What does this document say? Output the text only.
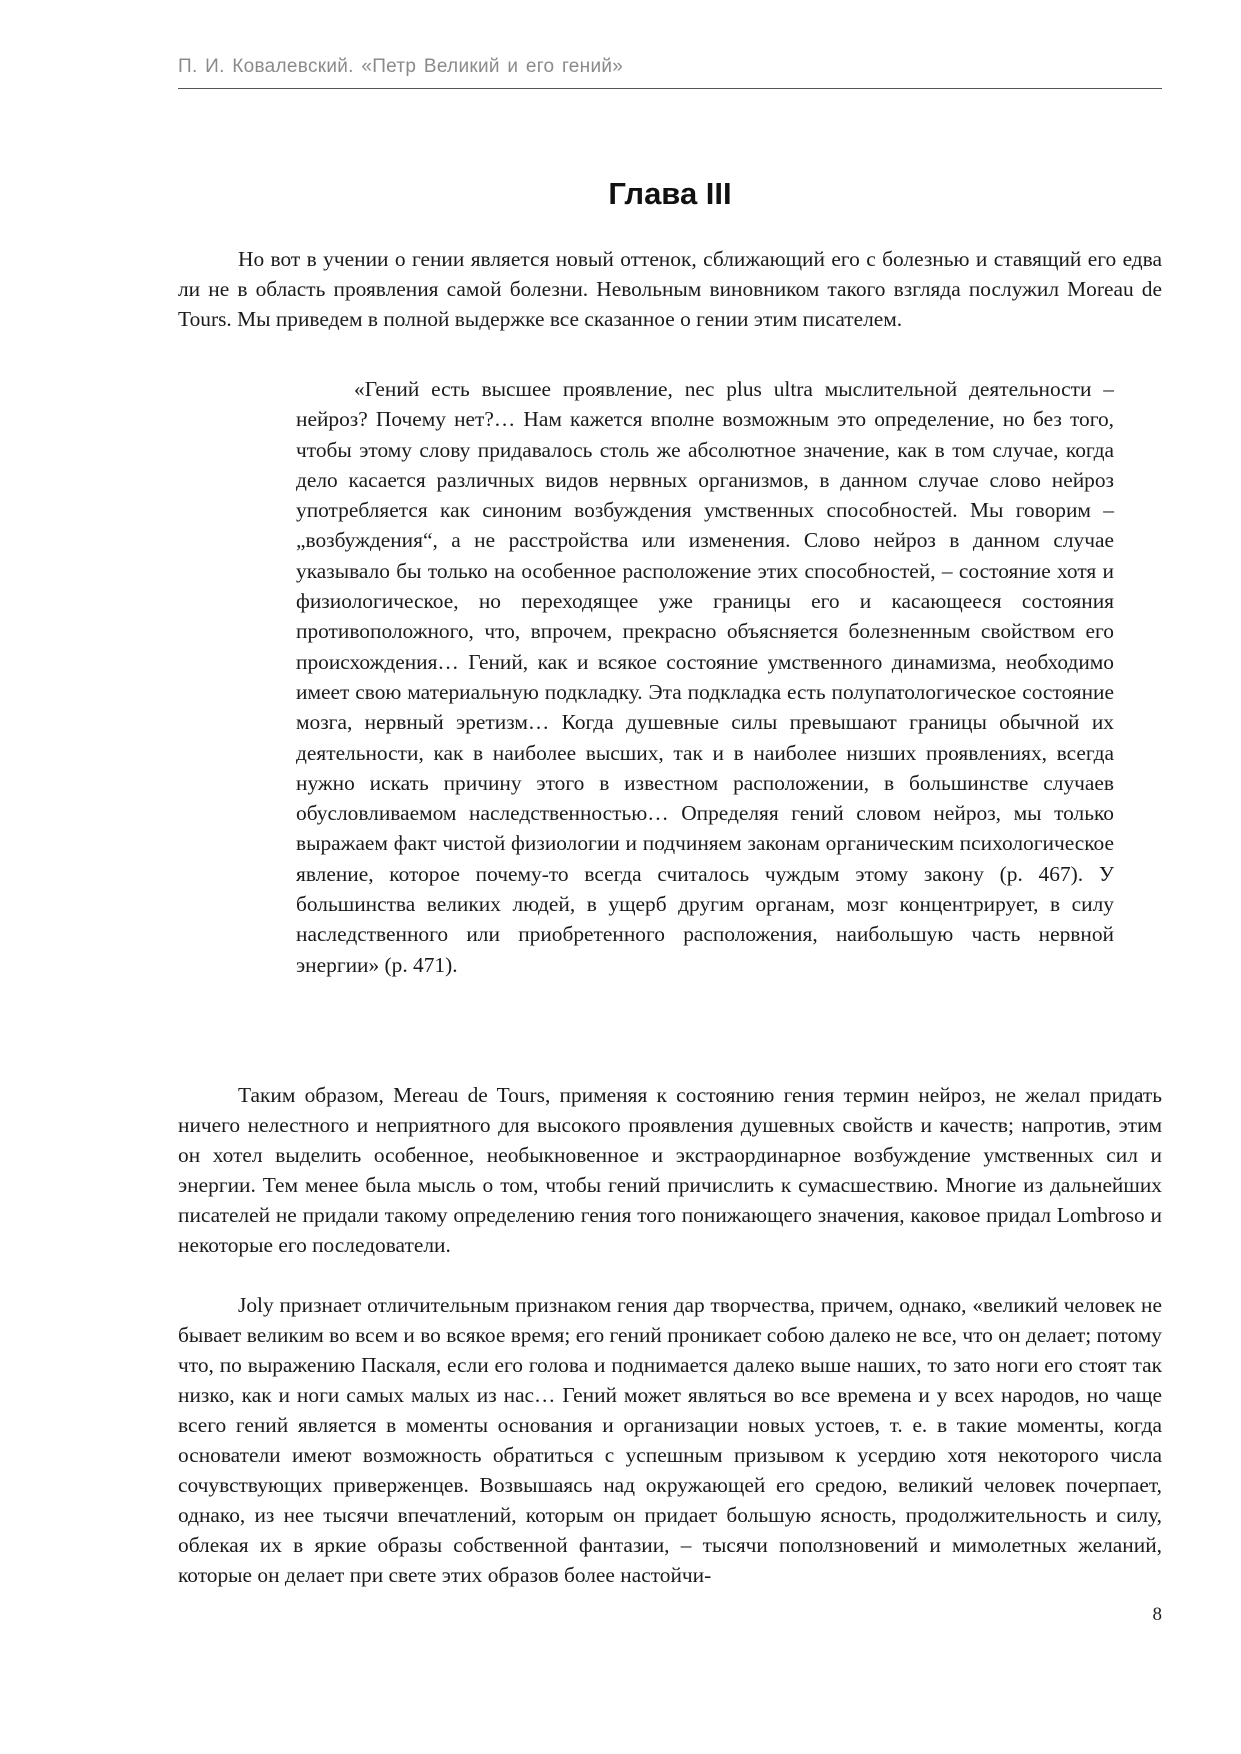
П. И. Ковалевский. «Петр Великий и его гений»
Глава III

Но вот в учении о гении является новый оттенок, сближающий его с болезнью и ставящий его едва ли не в область проявления самой болезни. Невольным виновником такого взгляда послужил Moreau de Tours. Мы приведем в полной выдержке все сказанное о гении этим писателем.

«Гений есть высшее проявление, nec plus ultra мыслительной деятельности – нейроз? Почему нет?… Нам кажется вполне возможным это определение, но без того, чтобы этому слову придавалось столь же абсолютное значение, как в том случае, когда дело касается различных видов нервных организмов, в данном случае слово нейроз употребляется как синоним возбуждения умственных способностей. Мы говорим – „возбуждения“, а не расстройства или изменения. Слово нейроз в данном случае указывало бы только на особенное расположение этих способностей, – состояние хотя и физиологическое, но переходящее уже границы его и касающееся состояния противоположного, что, впрочем, прекрасно объясняется болезненным свойством его происхождения… Гений, как и всякое состояние умственного динамизма, необходимо имеет свою материальную подкладку. Эта подкладка есть полупатологическое состояние мозга, нервный эретизм… Когда душевные силы превышают границы обычной их деятельности, как в наиболее высших, так и в наиболее низших проявлениях, всегда нужно искать причину этого в известном расположении, в большинстве случаев обусловливаемом наследственностью… Определяя гений словом нейроз, мы только выражаем факт чистой физиологии и подчиняем законам органическим психологическое явление, которое почему-то всегда считалось чуждым этому закону (p. 467). У большинства великих людей, в ущерб другим органам, мозг концентрирует, в силу наследственного или приобретенного расположения, наибольшую часть нервной энергии» (p. 471).

Таким образом, Mereau de Tours, применяя к состоянию гения термин нейроз, не желал придать ничего нелестного и неприятного для высокого проявления душевных свойств и качеств; напротив, этим он хотел выделить особенное, необыкновенное и экстраординарное возбуждение умственных сил и энергии. Тем менее была мысль о том, чтобы гений причислить к сумасшествию. Многие из дальнейших писателей не придали такому определению гения того понижающего значения, каковое придал Lombroso и некоторые его последователи.

Joly признает отличительным признаком гения дар творчества, причем, однако, «великий человек не бывает великим во всем и во всякое время; его гений проникает собою далеко не все, что он делает; потому что, по выражению Паскаля, если его голова и поднимается далеко выше наших, то зато ноги его стоят так низко, как и ноги самых малых из нас… Гений может являться во все времена и у всех народов, но чаще всего гений является в моменты основания и организации новых устоев, т. е. в такие моменты, когда основатели имеют возможность обратиться с успешным призывом к усердию хотя некоторого числа сочувствующих приверженцев. Возвышаясь над окружающей его средою, великий человек почерпает, однако, из нее тысячи впечатлений, которым он придает большую ясность, продолжительность и силу, облекая их в яркие образы собственной фантазии, – тысячи поползновений и мимолетных желаний, которые он делает при свете этих образов более настойчи-

8
